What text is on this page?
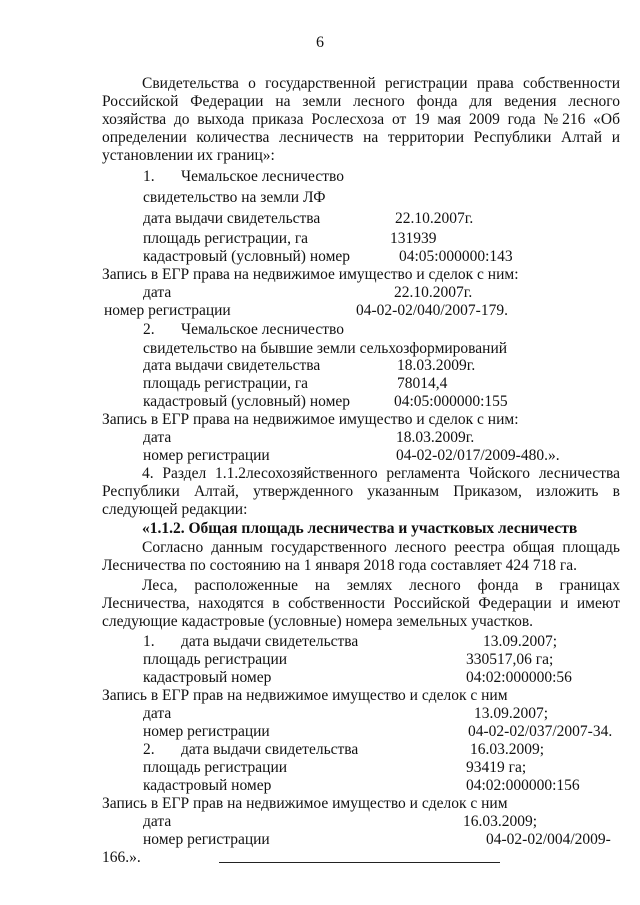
6
Свидетельства о государственной регистрации права собственности
Российской Федерации на земли лесного фонда для ведения лесного
хозяйства до выхода приказа Рослесхоза от 19 мая 2009 года №216 «Об
определении количества лесничеств на территории Республики Алтай и
установлении их границ»:
1. Чемальское лесничество
свидетельство на земли ЛФ
дата выдачи свидетельства	22.10.2007г.
площадь регистрации, га	131939
кадастровый (условный) номер	04:05:000000:143
Запись в ЕГР права на недвижимое имущество и сделок с ним:
дата	22.10.2007г.
номер регистрации	04-02-02/040/2007-179.
2. Чемальское лесничество
свидетельство на бывшие земли сельхозформирований
дата выдачи свидетельства	18.03.2009г.
площадь регистрации, га	78014,4
кадастровый (условный) номер	04:05:000000:155
Запись в ЕГР права на недвижимое имущество и сделок с ним:
дата	18.03.2009г.
номер регистрации	04-02-02/017/2009-480.».
4. Раздел 1.1.2лесохозяйственного регламента Чойского лесничества
Республики Алтай, утвержденного указанным Приказом, изложить в
следующей редакции:
«1.1.2. Общая площадь лесничества и участковых лесничеств
Согласно данным государственного лесного реестра общая площадь
Лесничества по состоянию на 1 января 2018 года составляет 424 718 га.
Леса, расположенные на землях лесного фонда в границах
Лесничества, находятся в собственности Российской Федерации и имеют
следующие кадастровые (условные) номера земельных участков.
1. дата выдачи свидетельства	13.09.2007;
площадь регистрации	330517,06 га;
кадастровый номер	04:02:000000:56
Запись в ЕГР прав на недвижимое имущество и сделок с ним
дата	13.09.2007;
номер регистрации	04-02-02/037/2007-34.
2. дата выдачи свидетельства	16.03.2009;
площадь регистрации	93419 га;
кадастровый номер	04:02:000000:156
Запись в ЕГР прав на недвижимое имущество и сделок с ним
дата	16.03.2009;
номер регистрации	04-02-02/004/2009-
166.».
